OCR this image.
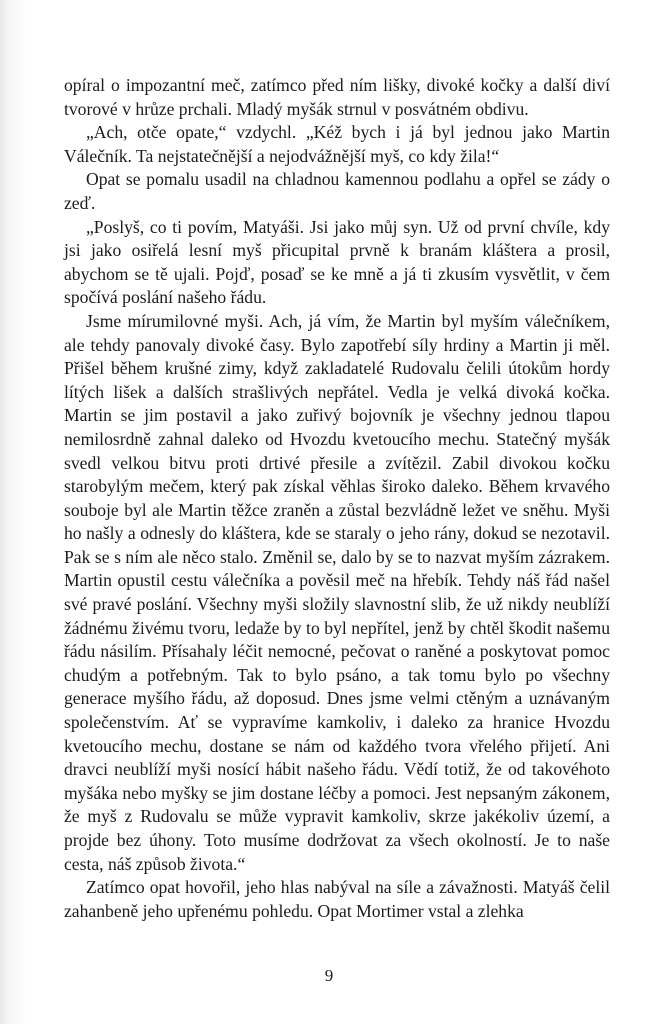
opíral o impozantní meč, zatímco před ním lišky, divoké kočky a další diví tvorové v hrůze prchali. Mladý myšák strnul v posvátném obdivu.

„Ach, otče opate,“ vzdychl. „Kéž bych i já byl jednou jako Martin Válečník. Ta nejstatečnější a nejodvážnější myš, co kdy žila!“

Opat se pomalu usadil na chladnou kamennou podlahu a opřel se zády o zeď.

„Poslyš, co ti povím, Matyáši. Jsi jako můj syn. Už od první chvíle, kdy jsi jako osiřelá lesní myš přicupital prvně k branám kláštera a prosil, abychom se tě ujali. Pojď, posaď se ke mně a já ti zkusím vysvětlit, v čem spočívá poslání našeho řádu.

Jsme mírumilovné myši. Ach, já vím, že Martin byl myším válečníkem, ale tehdy panovaly divoké časy. Bylo zapotřebí síly hrdiny a Martin ji měl. Přišel během krušné zimy, když zakladatelé Rudovalu čelili útokům hordy lítých lišek a dalších strašlivých nepřátel. Vedla je velká divoká kočka. Martin se jim postavil a jako zuřivý bojovník je všechny jednou tlapou nemilosrdně zahnal daleko od Hvozdu kvetoucího mechu. Statečný myšák svedl velkou bitvu proti drtivé přesile a zvítězil. Zabil divokou kočku starobylým mečem, který pak získal věhlas široko daleko. Během krvavého souboje byl ale Martin těžce zraněn a zůstal bezvládně ležet ve sněhu. Myši ho našly a odnesly do kláštera, kde se staraly o jeho rány, dokud se nezotavil. Pak se s ním ale něco stalo. Změnil se, dalo by se to nazvat myším zázrakem. Martin opustil cestu válečníka a pověsil meč na hřebík. Tehdy náš řád našel své pravé poslání. Všechny myši složily slavnostní slib, že už nikdy neublíží žádnému živému tvoru, ledaže by to byl nepřítel, jenž by chtěl škodit našemu řádu násilím. Přísahaly léčit nemocné, pečovat o raněné a poskytovat pomoc chudým a potřebným. Tak to bylo psáno, a tak tomu bylo po všechny generace myšího řádu, až doposud. Dnes jsme velmi ctěným a uznávaným společenstvím. Ať se vypravíme kamkoliv, i daleko za hranice Hvozdu kvetoucího mechu, dostane se nám od každého tvora vřelého přijetí. Ani dravci neublíží myši nosící hábit našeho řádu. Vědí totiž, že od takovéhoto myšáka nebo myšky se jim dostane léčby a pomoci. Jest nepsaným zákonem, že myš z Rudovalu se může vypravit kamkoliv, skrze jakékoliv území, a projde bez úhony. Toto musíme dodržovat za všech okolností. Je to naše cesta, náš způsob života.“

Zatímco opat hovořil, jeho hlas nabýval na síle a závažnosti. Matyáš čelil zahanbeně jeho upřenému pohledu. Opat Mortimer vstal a zlehka

9
